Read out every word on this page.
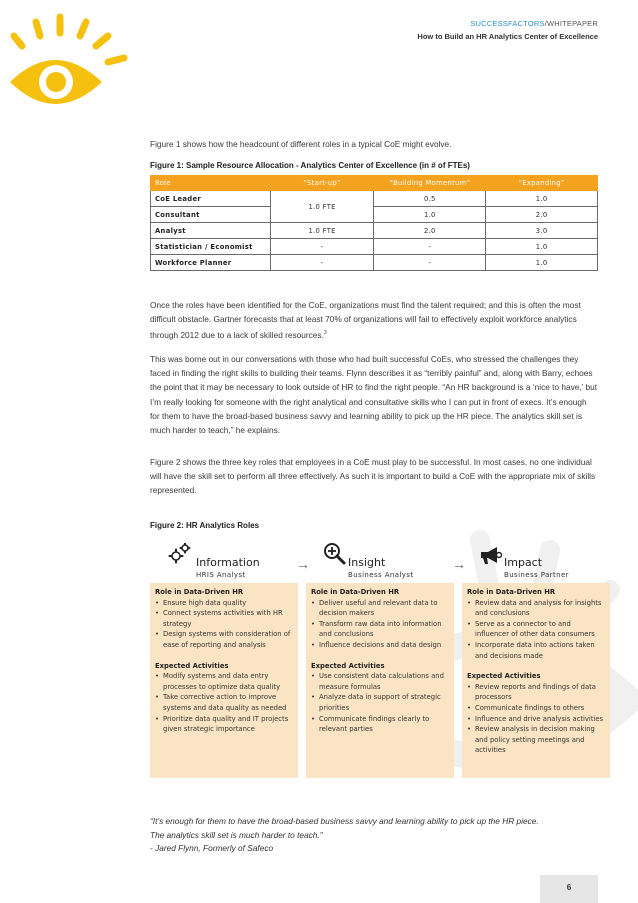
SUCCESSFACTORS/WHITEPAPER
How to Build an HR Analytics Center of Excellence
Figure 1 shows how the headcount of different roles in a typical CoE might evolve.
Figure 1: Sample Resource Allocation - Analytics Center of Excellence (in # of FTEs)
Role	“Start-up”	“Building Momentum”	“Expanding”
CoE Leader	1.0 FTE	0.5	1.0
Consultant		1.0	2.0
Analyst	1.0 FTE	2.0	3.0
Statistician / Economist	-	-	1.0
Workforce Planner	-	-	1.0
Once the roles have been identified for the CoE, organizations must find the talent required; and this is often the most difficult obstacle. Gartner forecasts that at least 70% of organizations will fail to effectively exploit workforce analytics through 2012 due to a lack of skilled resources.$^3$
This was borne out in our conversations with those who had built successful CoEs, who stressed the challenges they faced in finding the right skills to building their teams. Flynn describes it as “terribly painful” and, along with Barry, echoes the point that it may be necessary to look outside of HR to find the right people. “An HR background is a ‘nice to have,’ but I’m really looking for someone with the right analytical and consultative skills who I can put in front of execs. It’s enough for them to have the broad-based business savvy and learning ability to pick up the HR piece. The analytics skill set is much harder to teach,” he explains.
Figure 2 shows the three key roles that employees in a CoE must play to be successful. In most cases, no one individual will have the skill set to perform all three effectively. As such it is important to build a CoE with the appropriate mix of skills represented.
Figure 2: HR Analytics Roles
Information
HRIS Analyst
→	Insight
Business Analyst
→	Impact
Business Partner
Role in Data-Driven HR
• Ensure high data quality
• Connect systems activities with HR strategy
• Design systems with consideration of ease of reporting and analysis
Expected Activities
• Modify systems and data entry processes to optimize data quality
• Take corrective action to improve systems and data quality as needed
• Prioritize data quality and IT projects given strategic importance
Role in Data-Driven HR
• Deliver useful and relevant data to decision makers
• Transform raw data into information and conclusions
• Influence decisions and data design
Expected Activities
• Use consistent data calculations and measure formulas
• Analyze data in support of strategic priorities
• Communicate findings clearly to relevant parties
Role in Data-Driven HR
• Review data and analysis for insights and conclusions
• Serve as a connector to and influencer of other data consumers
• Incorporate data into actions taken and decisions made
Expected Activities
• Review reports and findings of data processors
• Communicate findings to others
• Influence and drive analysis activities
• Review analysis in decision making and policy setting meetings and activities
“It’s enough for them to have the broad-based business savvy and learning ability to pick up the HR piece.
The analytics skill set is much harder to teach.”
- Jared Flynn, Formerly of Safeco
6
